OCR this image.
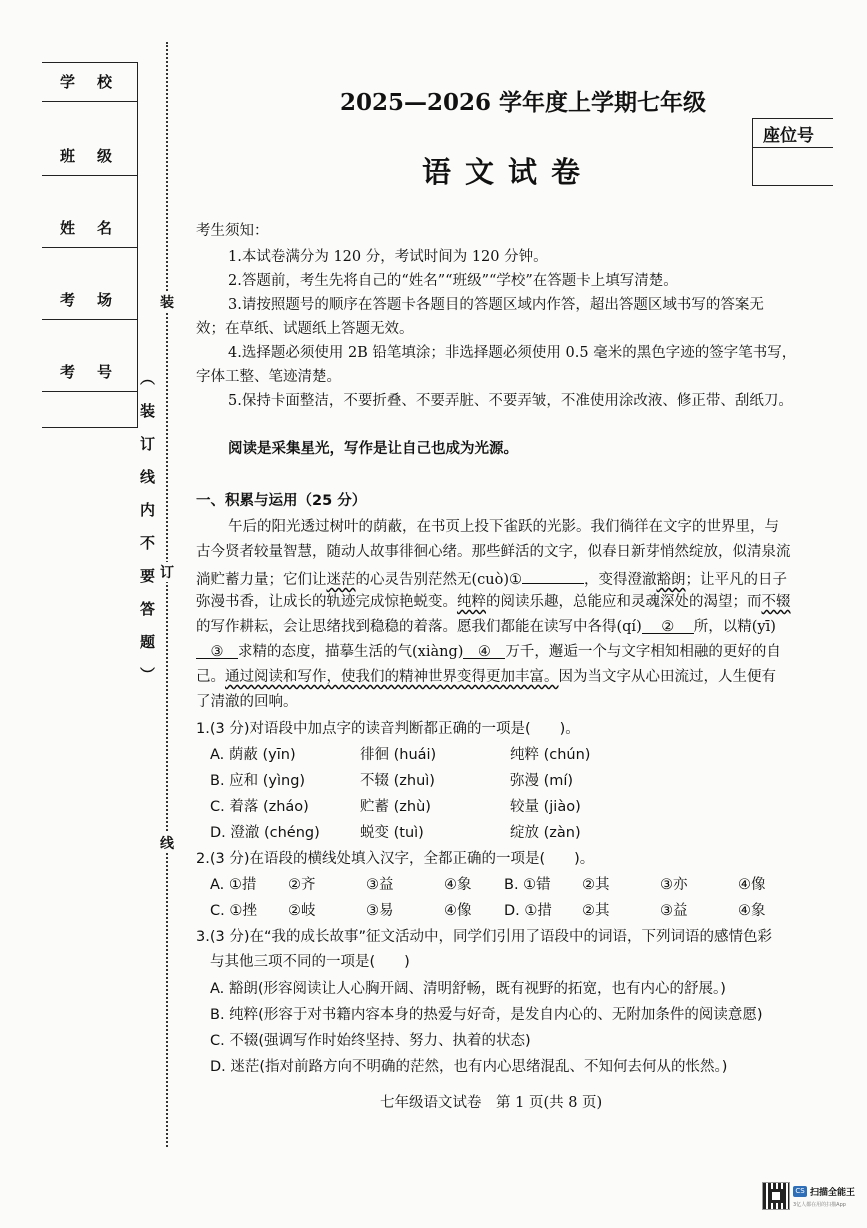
学校
班级
姓名
考场
考号 （装订线内不要答题）
装
订
线
2025—2026 学年度上学期七年级
语文试卷
座位号
考生须知：
1.本试卷满分为 120 分，考试时间为 120 分钟。
2.答题前，考生先将自己的“姓名”“班级”“学校”在答题卡上填写清楚。
3.请按照题号的顺序在答题卡各题目的答题区域内作答，超出答题区域书写的答案无
效；在草纸、试题纸上答题无效。
4.选择题必须使用 2B 铅笔填涂；非选择题必须使用 0.5 毫米的黑色字迹的签字笔书写，
字体工整、笔迹清楚。
5.保持卡面整洁，不要折叠、不要弄脏、不要弄皱，不准使用涂改液、修正带、刮纸刀。
阅读是采集星光，写作是让自己也成为光源。
一、积累与运用（25 分）
午后的阳光透过树叶的荫蔽，在书页上投下雀跃的光影。我们徜徉在文字的世界里，与
古今贤者较量智慧，随动人故事徘徊心绪。那些鲜活的文字，似春日新芽悄然绽放，似清泉流
淌贮蓄力量；它们让迷茫的心灵告别茫然无(cuò)①	，变得澄澈豁朗；让平凡的日子
弥漫书香，让成长的轨迹完成惊艳蜕变。纯粹的阅读乐趣，总能应和灵魂深处的渴望；而不辍
的写作耕耘，会让思绪找到稳稳的着落。愿我们都能在读写中各得(qí) ② 所，以精(yī)
③ 求精的态度，描摹生活的气(xiàng) ④ 万千，邂逅一个与文字相知相融的更好的自
己。通过阅读和写作，使我们的精神世界变得更加丰富。因为当文字从心田流过，人生便有
了清澈的回响。
1.(3 分)对语段中加点字的读音判断都正确的一项是(　　)。
A. 荫蔽 (yīn)	徘徊 (huái)	纯粹 (chún)
B. 应和 (yìng)	不辍 (zhuì)	弥漫 (mí)
C. 着落 (zháo)	贮蓄 (zhù)	较量 (jiào)
D. 澄澈 (chéng)	蜕变 (tuì)	绽放 (zàn)
2.(3 分)在语段的横线处填入汉字，全都正确的一项是(　　)。
A. ①措 ②齐	③益	④象 B. ①错 ②其	③亦	④像
C. ①挫 ②岐	③易	④像 D. ①措 ②其	③益	④象
3.(3 分)在“我的成长故事”征文活动中，同学们引用了语段中的词语，下列词语的感情色彩
与其他三项不同的一项是(　　)
A. 豁朗(形容阅读让人心胸开阔、清明舒畅，既有视野的拓宽，也有内心的舒展。)
B. 纯粹(形容于对书籍内容本身的热爱与好奇，是发自内心的、无附加条件的阅读意愿)
C. 不辍(强调写作时始终坚持、努力、执着的状态)
D. 迷茫(指对前路方向不明确的茫然，也有内心思绪混乱、不知何去何从的怅然。)
七年级语文试卷　第 1 页(共 8 页)
CS 扫描全能王
3亿人都在用的扫描App
